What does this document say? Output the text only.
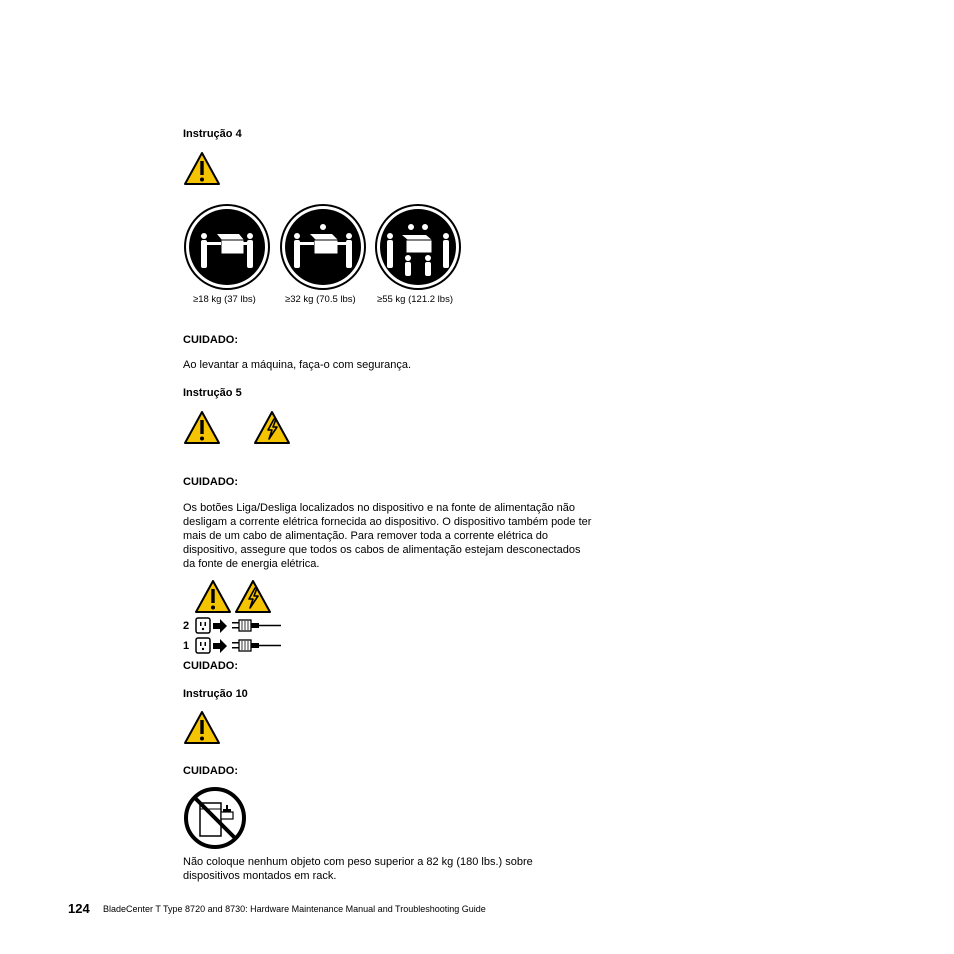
Instrução 4
≥18 kg (37 lbs)	≥32 kg (70.5 lbs) ≥55 kg (121.2 lbs)
CUIDADO:
Ao levantar a máquina, faça-o com segurança.
Instrução 5
CUIDADO:
Os botões Liga/Desliga localizados no dispositivo e na fonte de alimentação não
desligam a corrente elétrica fornecida ao dispositivo. O dispositivo também pode ter
mais de um cabo de alimentação. Para remover toda a corrente elétrica do
dispositivo, assegure que todos os cabos de alimentação estejam desconectados
da fonte de energia elétrica.
2
1
CUIDADO:
Instrução 10
CUIDADO:
Não coloque nenhum objeto com peso superior a 82 kg (180 lbs.) sobre
dispositivos montados em rack.
124 BladeCenter T Type 8720 and 8730: Hardware Maintenance Manual and Troubleshooting Guide
